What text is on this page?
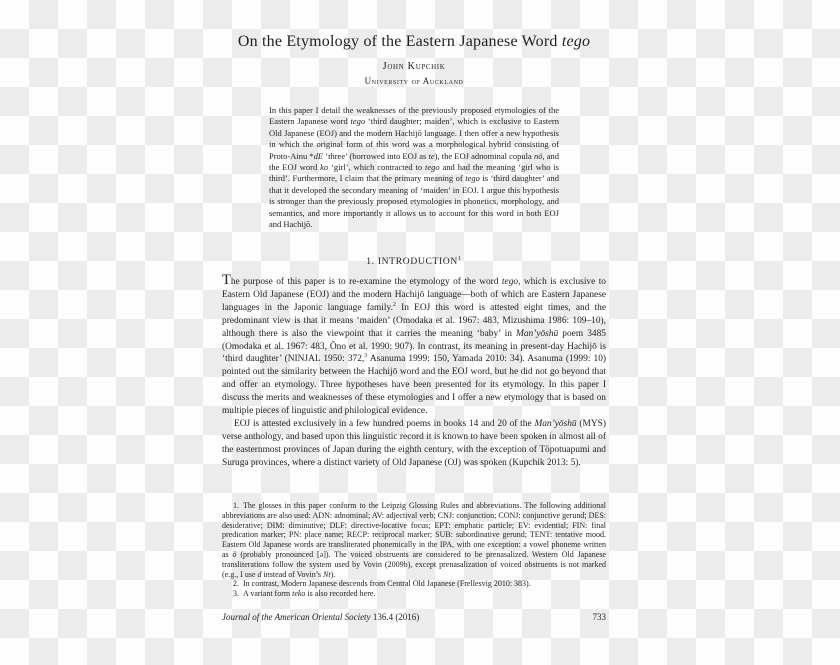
On the Etymology of the Eastern Japanese Word tego
John Kupchik
University of Auckland
In this paper I detail the weaknesses of the previously proposed etymologies of the Eastern Japanese word tego ‘third daughter; maiden’, which is exclusive to Eastern Old Japanese (EOJ) and the modern Hachijō language. I then offer a new hypothesis in which the original form of this word was a morphological hybrid consisting of Proto-Ainu *dE ‘three’ (borrowed into EOJ as te), the EOJ adnominal copula nö, and the EOJ word ko ‘girl’, which contracted to tego and had the meaning ‘girl who is third’. Furthermore, I claim that the primary meaning of tego is ‘third daughter’ and that it developed the secondary meaning of ‘maiden’ in EOJ. I argue this hypothesis is stronger than the previously proposed etymologies in phonetics, morphology, and semantics, and more importantly it allows us to account for this word in both EOJ and Hachijō.
1. INTRODUCTION$^1$

The purpose of this paper is to re-examine the etymology of the word tego, which is exclusive to Eastern Old Japanese (EOJ) and the modern Hachijō language—both of which are Eastern Japanese languages in the Japonic language family.$^2$ In EOJ this word is attested eight times, and the predominant view is that it means ‘maiden’ (Omodaka et al. 1967: 483, Mizushima 1986: 109–10), although there is also the viewpoint that it carries the meaning ‘baby’ in Man’yōshū poem 3485 (Omodaka et al. 1967: 483, Ōno et al. 1990: 907). In contrast, its meaning in present-day Hachijō is ‘third daughter’ (NINJAL 1950: 372,$^3$ Asanuma 1999: 150, Yamada 2010: 34). Asanuma (1999: 10) pointed out the similarity between the Hachijō word and the EOJ word, but he did not go beyond that and offer an etymology. Three hypotheses have been presented for its etymology. In this paper I discuss the merits and weaknesses of these etymologies and I offer a new etymology that is based on multiple pieces of linguistic and philological evidence.

EOJ is attested exclusively in a few hundred poems in books 14 and 20 of the Man’yōshū (MYS) verse anthology, and based upon this linguistic record it is known to have been spoken in almost all of the easternmost provinces of Japan during the eighth century, with the exception of Töpotuapumi and Suruga provinces, where a distinct variety of Old Japanese (OJ) was spoken (Kupchik 2013: 5).

1. The glosses in this paper conform to the Leipzig Glossing Rules and abbreviations. The following additional abbreviations are also used: ADN: adnominal; AV: adjectival verb; CNJ: conjunction; CONJ: conjunctive gerund; DES: desiderative; DIM: diminutive; DLF: directive-locative focus; EPT: emphatic particle; EV: evidential; FIN: final predication marker; PN: place name; RECP: reciprocal marker; SUB: subordinative gerund; TENT: tentative mood. Eastern Old Japanese words are transliterated phonemically in the IPA, with one exception: a vowel phoneme written as ö (probably pronounced [ə]). The voiced obstruents are considered to be prenasalized. Western Old Japanese transliterations follow the system used by Vovin (2009b), except prenasalization of voiced obstruents is not marked (e.g., I use d instead of Vovin’s Nt).

2. In contrast, Modern Japanese descends from Central Old Japanese (Frellesvig 2010: 383).

3. A variant form teko is also recorded here.

Journal of the American Oriental Society 136.4 (2016)	733
